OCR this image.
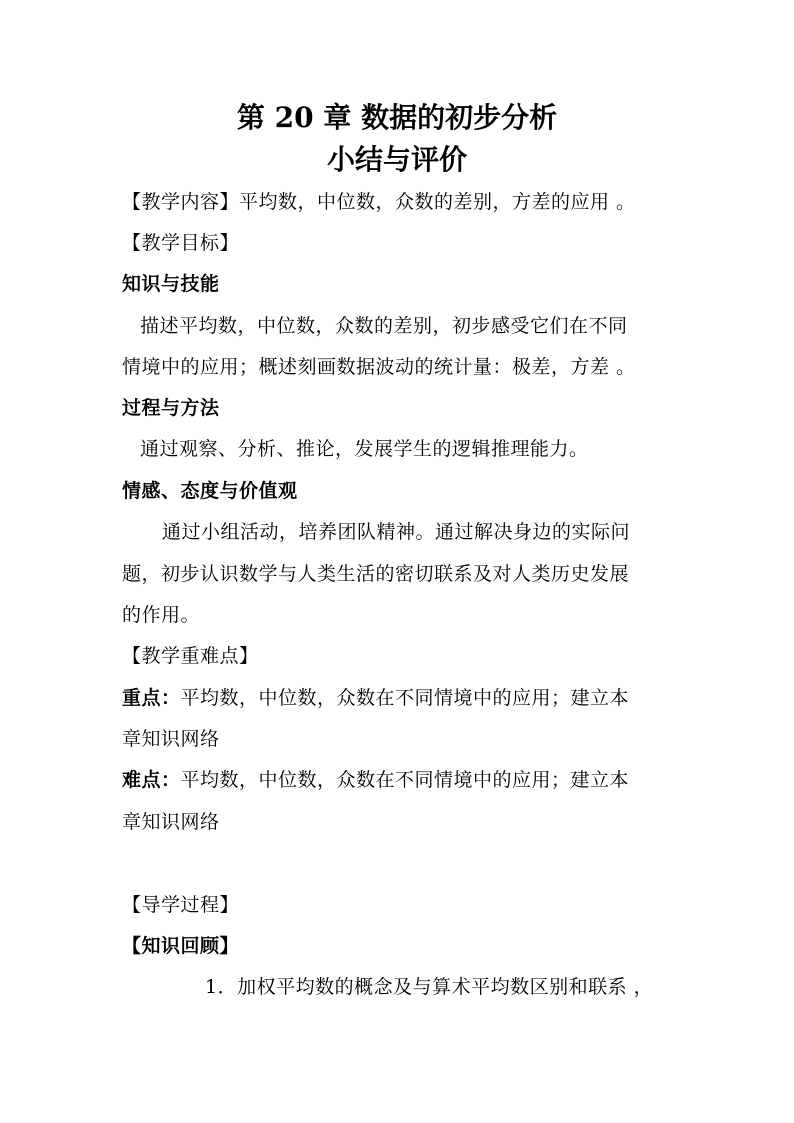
第 20 章 数据的初步分析
小结与评价
【教学内容】平均数，中位数，众数的差别，方差的应用 。
【教学目标】
知识与技能
描述平均数，中位数，众数的差别，初步感受它们在不同
情境中的应用；概述刻画数据波动的统计量：极差，方差 。
过程与方法
通过观察、分析、推论，发展学生的逻辑推理能力。
情感、态度与价值观
通过小组活动，培养团队精神。通过解决身边的实际问
题，初步认识数学与人类生活的密切联系及对人类历史发展
的作用。
【教学重难点】
重点：平均数，中位数，众数在不同情境中的应用；建立本
章知识网络
难点：平均数，中位数，众数在不同情境中的应用；建立本
章知识网络
【导学过程】
【知识回顾】
1．加权平均数的概念及与算术平均数区别和联系 ，
